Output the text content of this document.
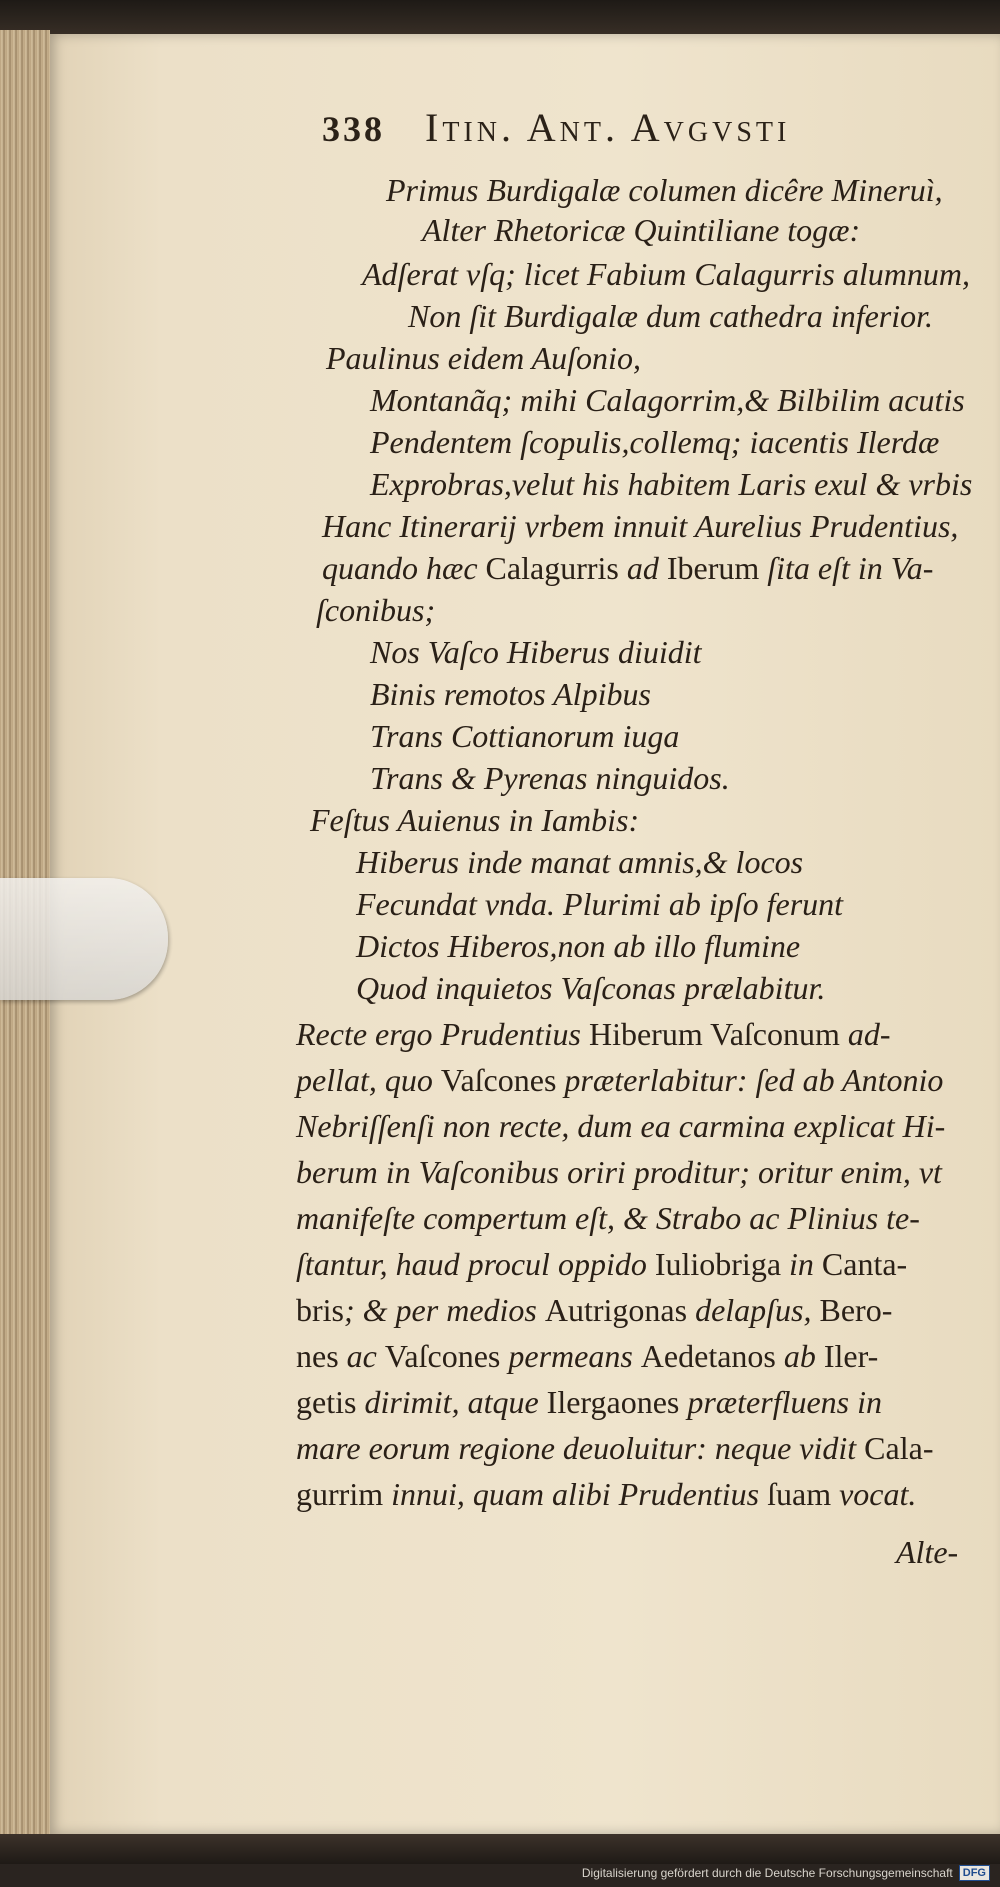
338 Itin. Ant. Avgvsti
Primus Burdigalæ columen dicêre Mineruì,
Alter Rhetoricæ Quintiliane togæ:
Adſerat vſq; licet Fabium Calagurris alumnum,
Non ſit Burdigalæ dum cathedra inferior.
Paulinus eidem Auſonio,
Montanãq; mihi Calagorrim,& Bilbilim acutis
Pendentem ſcopulis,collemq; iacentis Ilerdæ
Exprobras,velut his habitem Laris exul & vrbis
Hanc Itinerarij vrbem innuit Aurelius Prudentius,
quando hæc Calagurris ad Iberum ſita eſt in Va-
ſconibus;
Nos Vaſco Hiberus diuidit
Binis remotos Alpibus
Trans Cottianorum iuga
Trans & Pyrenas ninguidos.
Feſtus Auienus in Iambis:
Hiberus inde manat amnis,& locos
Fecundat vnda. Plurimi ab ipſo ferunt
Dictos Hiberos,non ab illo flumine
Quod inquietos Vaſconas prælabitur.
Recte ergo Prudentius Hiberum Vaſconum ad-
pellat, quo Vaſcones præterlabitur: ſed ab Antonio
Nebriſſenſi non recte, dum ea carmina explicat Hi-
berum in Vaſconibus oriri proditur; oritur enim, vt
manifeſte compertum eſt, & Strabo ac Plinius te-
ſtantur, haud procul oppido Iuliobriga in Canta-
bris; & per medios Autrigonas delapſus, Bero-
nes ac Vaſcones permeans Aedetanos ab Iler-
getis dirimit, atque Ilergaones præterfluens in
mare eorum regione deuoluitur: neque vidit Cala-
gurrim innui, quam alibi Prudentius ſuam vocat.
Alte-
Digitalisierung gefördert durch die Deutsche Forschungsgemeinschaft DFG
